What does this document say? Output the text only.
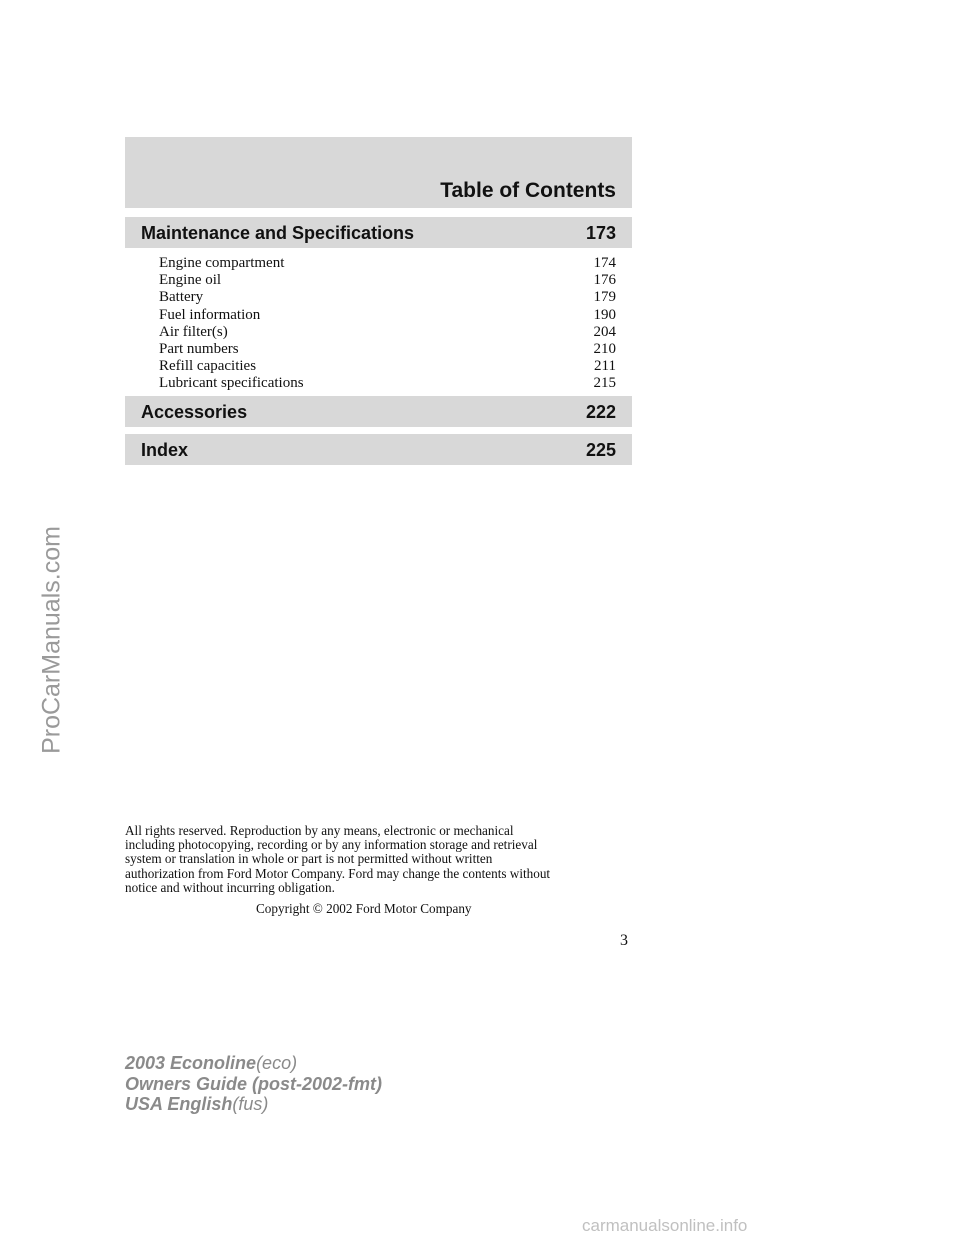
ProCarManuals.com
Table of Contents
Maintenance and Specifications	173
Engine compartment	174
Engine oil	176
Battery	179
Fuel information	190
Air filter(s)	204
Part numbers	210
Refill capacities	211
Lubricant specifications	215
Accessories	222
Index	225
All rights reserved. Reproduction by any means, electronic or mechanical
including photocopying, recording or by any information storage and retrieval
system or translation in whole or part is not permitted without written
authorization from Ford Motor Company. Ford may change the contents without
notice and without incurring obligation.
Copyright © 2002 Ford Motor Company
3
2003 Econoline(eco)
Owners Guide (post-2002-fmt)
USA English(fus)
carmanualsonline.info
